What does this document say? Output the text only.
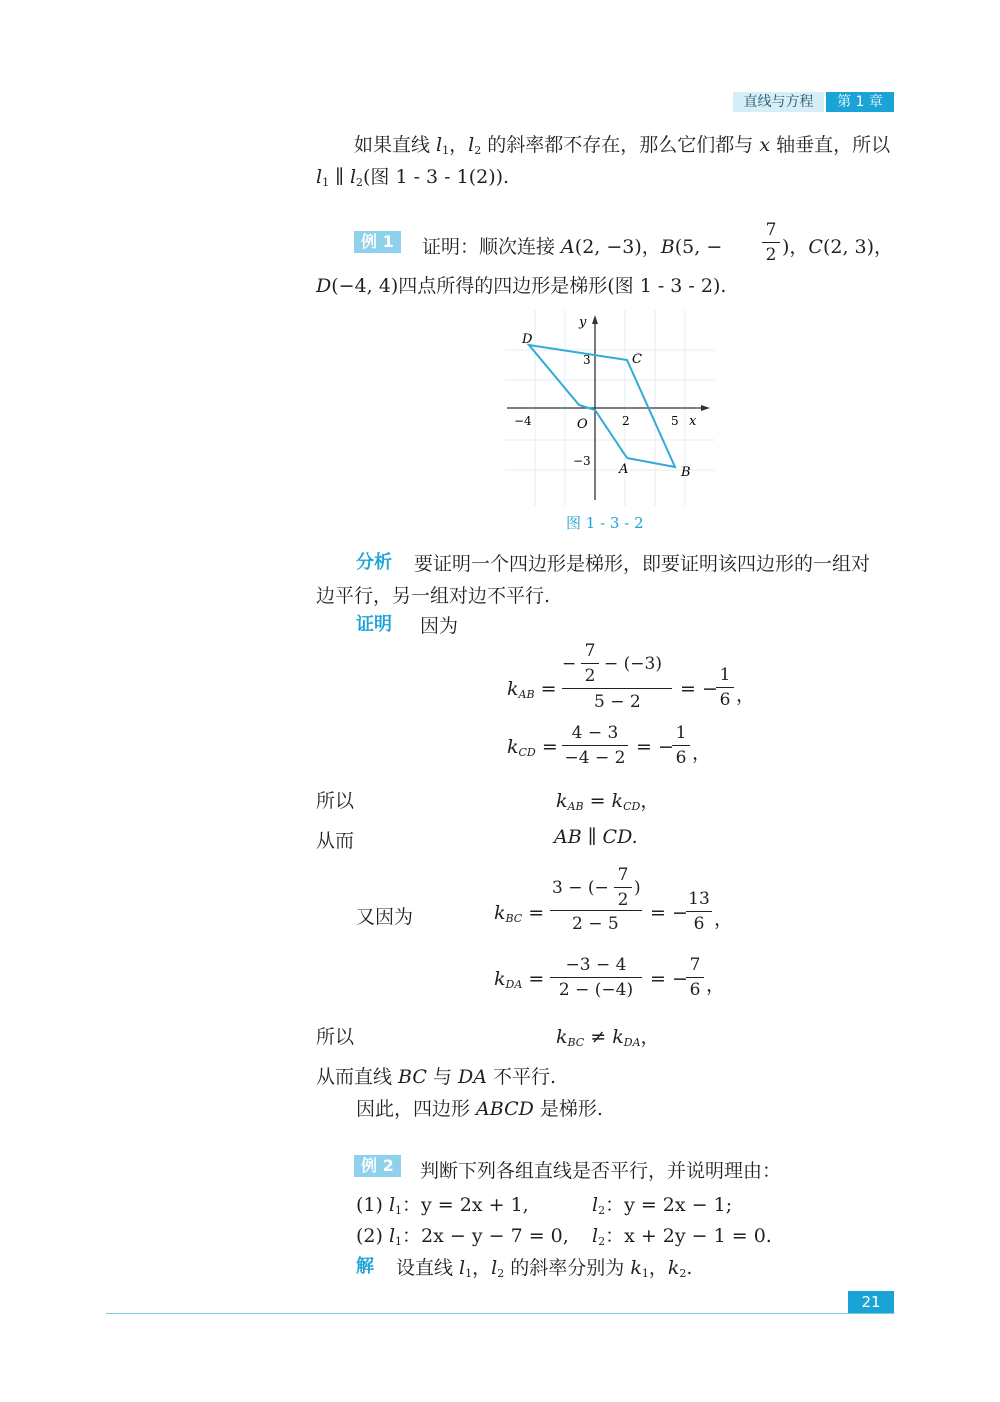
直线与方程	第 1 章
如果直线 $l_1$，$l_2$ 的斜率都不存在，那么它们都与 x 轴垂直，所以
$l_1$ ∥ $l_2$(图 1 - 3 - 1(2)).
例 1	证明：顺次连接 A(2, −3)，B(5, −
7
2 )，C(2, 3)，
D(−4, 4)四点所得的四边形是梯形(图 1 - 3 - 2).
y
D
3	C
−4	O	2	5 x
−3
A	B
图 1 - 3 - 2
分析 要证明一个四边形是梯形，即要证明该四边形的一组对
边平行，另一组对边不平行.
证明 因为
kAB =
−
7
2
− (−3)
5 − 2
= −
1
6 ，
kCD =
4 − 3
−4 − 2 = −
1
6 ，
所以	kAB = kCD，
从而	AB ∥ CD.
又因为	kBC =
3 − (−
7
2
)
2 − 5 = −
13
6 ，
kDA =
−3 − 4
2 − (−4) = −
7
6 ，
所以	kBC ≠ kDA，
从而直线 BC 与 DA 不平行.
因此，四边形 ABCD 是梯形.
例 2	判断下列各组直线是否平行，并说明理由：
(1) $l_1$：y = 2x + 1,	$l_2$：y = 2x − 1;
(2) $l_1$：2x − y − 7 = 0, $l_2$：x + 2y − 1 = 0.
解 设直线 $l_1$，$l_2$ 的斜率分别为 $k_1$，$k_2$.
21
